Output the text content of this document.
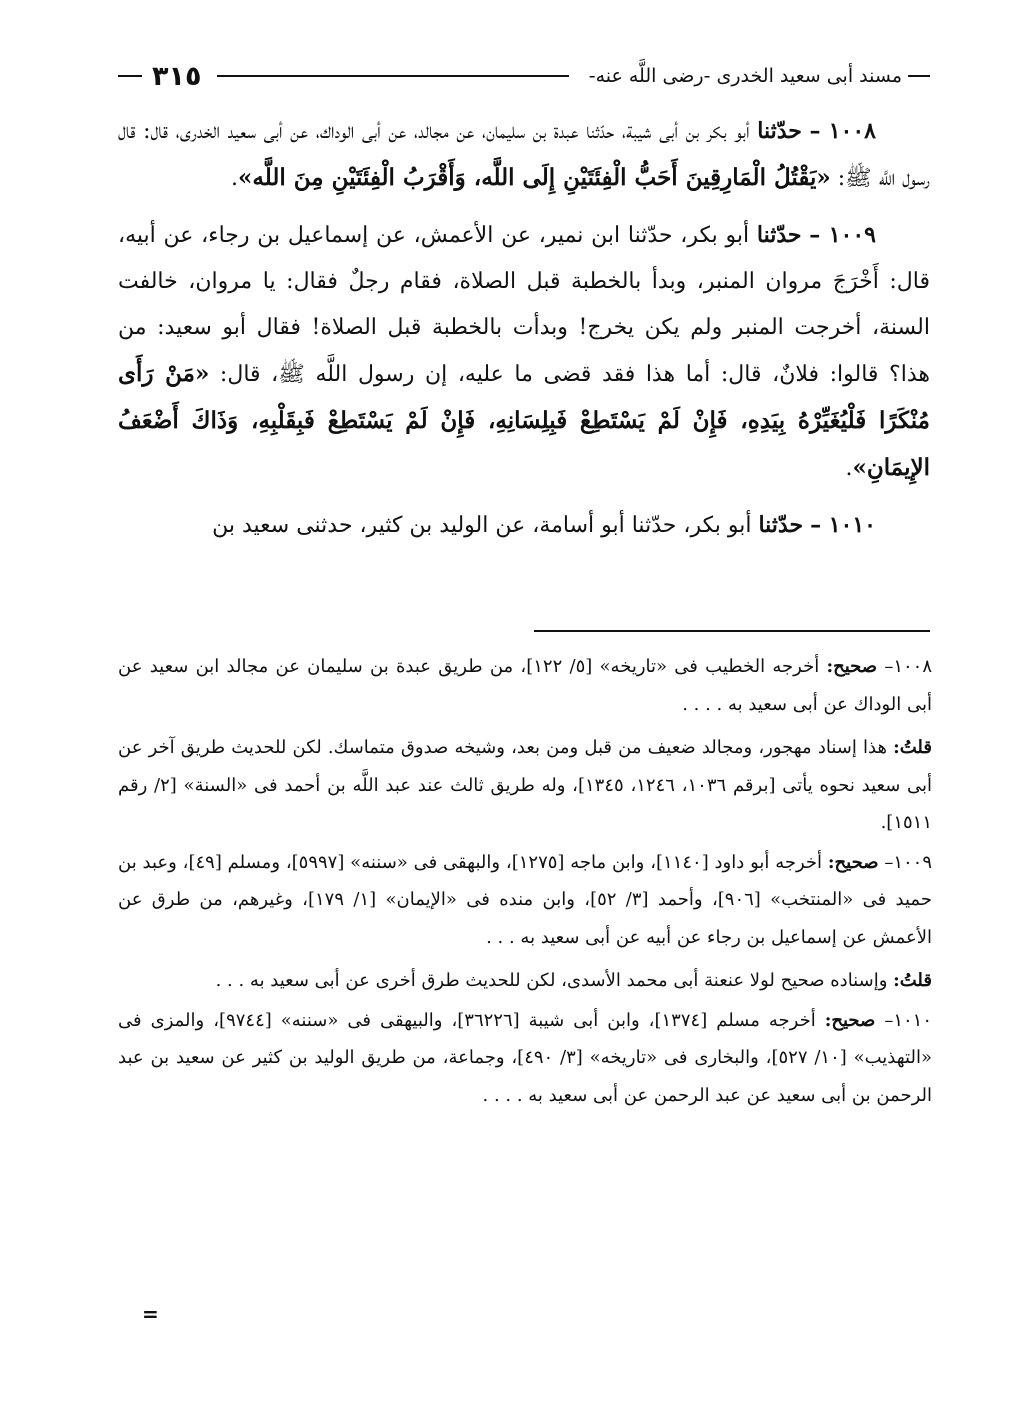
مسند أبى سعيد الخدرى -رضى اللَّه عنه-
٣١٥

١٠٠٨ – حدّثنا أبو بكر بن أبى شيبة، حدّثنا عبدة بن سليمان، عن مجالد، عن أبى الوداك، عن أبى سعيد الخدرى، قال: قال رسول اللَّه ﷺ: «يَقْتُلُ الْمَارِقِينَ أَحَبُّ الْفِئَتَيْنِ إِلَى اللَّه، وَأَقْرَبُ الْفِئَتَيْنِ مِنَ اللَّه».

١٠٠٩ – حدّثنا أبو بكر، حدّثنا ابن نمير، عن الأعمش، عن إسماعيل بن رجاء، عن أبيه، قال: أَخْرَجَ مروان المنبر، وبدأ بالخطبة قبل الصلاة، فقام رجلٌ فقال: يا مروان، خالفت السنة، أخرجت المنبر ولم يكن يخرج! وبدأت بالخطبة قبل الصلاة! فقال أبو سعيد: من هذا؟ قالوا: فلانٌ، قال: أما هذا فقد قضى ما عليه، إن رسول اللَّه ﷺ، قال: «مَنْ رَأَى مُنْكَرًا فَلْيُغَيِّرْهُ بِيَدِهِ، فَإِنْ لَمْ يَسْتَطِعْ فَبِلِسَانِهِ، فَإِنْ لَمْ يَسْتَطِعْ فَبِقَلْبِهِ، وَذَاكَ أَضْعَفُ الإِيمَانِ».

١٠١٠ – حدّثنا أبو بكر، حدّثنا أبو أسامة، عن الوليد بن كثير، حدثنى سعيد بن

١٠٠٨– صحيح: أخرجه الخطيب فى «تاريخه» [٥/ ١٢٢]، من طريق عبدة بن سليمان عن مجالد ابن سعيد عن أبى الوداك عن أبى سعيد به . . . .

قلتُ: هذا إسناد مهجور، ومجالد ضعيف من قبل ومن بعد، وشيخه صدوق متماسك. لكن للحديث طريق آخر عن أبى سعيد نحوه يأتى [برقم ١٠٣٦، ١٢٤٦، ١٣٤٥]، وله طريق ثالث عند عبد اللَّه بن أحمد فى «السنة» [٢/ رقم ١٥١١].

١٠٠٩– صحيح: أخرجه أبو داود [١١٤٠]، وابن ماجه [١٢٧٥]، والبهقى فى «سننه» [٥٩٩٧]، ومسلم [٤٩]، وعبد بن حميد فى «المنتخب» [٩٠٦]، وأحمد [٣/ ٥٢]، وابن منده فى «الإيمان» [١/ ١٧٩]، وغيرهم، من طرق عن الأعمش عن إسماعيل بن رجاء عن أبيه عن أبى سعيد به . . .

قلتُ: وإسناده صحيح لولا عنعنة أبى محمد الأسدى، لكن للحديث طرق أخرى عن أبى سعيد به . . .

١٠١٠– صحيح: أخرجه مسلم [١٣٧٤]، وابن أبى شيبة [٣٦٢٢٦]، والبيهقى فى «سننه» [٩٧٤٤]، والمزى فى «التهذيب» [١٠/ ٥٢٧]، والبخارى فى «تاريخه» [٣/ ٤٩٠]، وجماعة، من طريق الوليد بن كثير عن سعيد بن عبد الرحمن بن أبى سعيد عن عبد الرحمن عن أبى سعيد به . . . .

=
